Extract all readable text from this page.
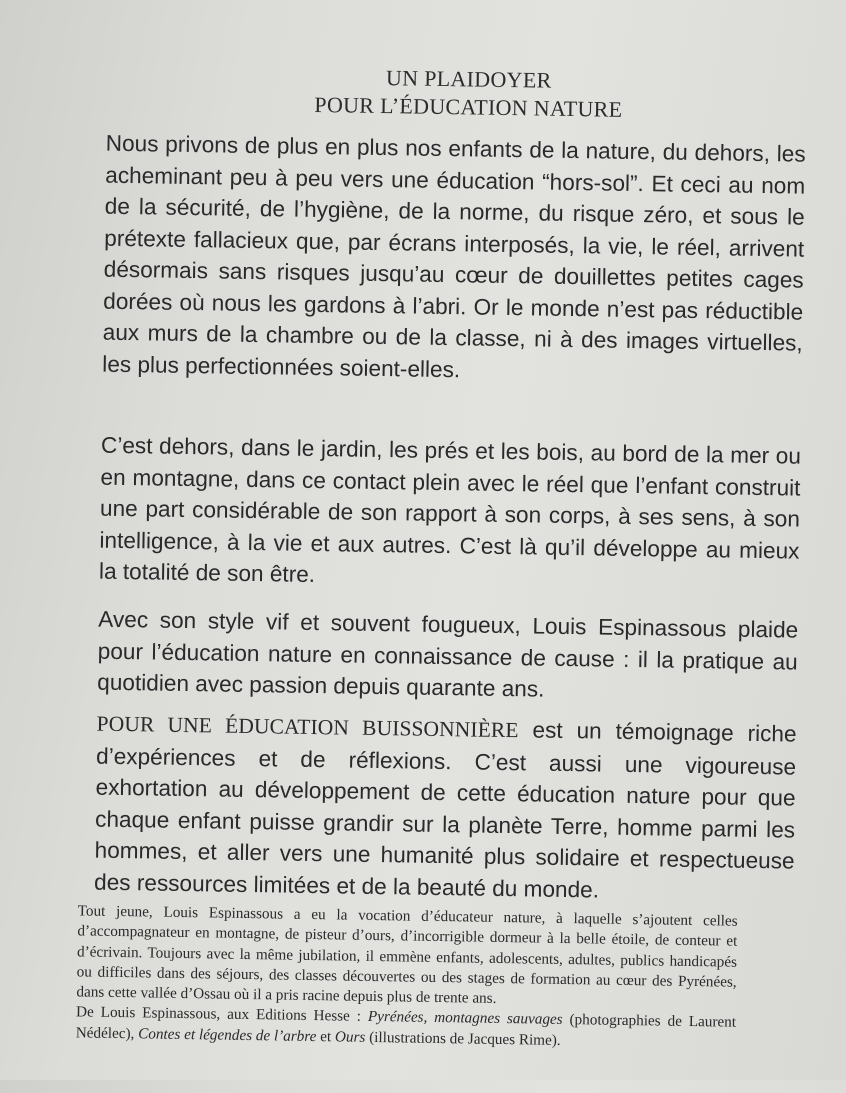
UN PLAIDOYER
POUR L’ÉDUCATION NATURE

Nous privons de plus en plus nos enfants de la nature, du dehors, les acheminant peu à peu vers une éducation “hors-sol”. Et ceci au nom de la sécurité, de l’hygiène, de la norme, du risque zéro, et sous le prétexte fallacieux que, par écrans interposés, la vie, le réel, arrivent désormais sans risques jusqu’au cœur de douillettes petites cages dorées où nous les gardons à l’abri. Or le monde n’est pas réductible aux murs de la chambre ou de la classe, ni à des images virtuelles, les plus perfectionnées soient-elles.

C’est dehors, dans le jardin, les prés et les bois, au bord de la mer ou en montagne, dans ce contact plein avec le réel que l’enfant construit une part considérable de son rapport à son corps, à ses sens, à son intelligence, à la vie et aux autres. C’est là qu’il développe au mieux la totalité de son être.

Avec son style vif et souvent fougueux, Louis Espinassous plaide pour l’éducation nature en connaissance de cause : il la pratique au quotidien avec passion depuis quarante ans.

POUR UNE ÉDUCATION BUISSONNIÈRE est un témoignage riche d’expériences et de réflexions. C’est aussi une vigoureuse exhortation au développement de cette éducation nature pour que chaque enfant puisse grandir sur la planète Terre, homme parmi les hommes, et aller vers une humanité plus solidaire et respectueuse des ressources limitées et de la beauté du monde.

Tout jeune, Louis Espinassous a eu la vocation d’éducateur nature, à laquelle s’ajoutent celles d’accompagnateur en montagne, de pisteur d’ours, d’incorrigible dormeur à la belle étoile, de conteur et d’écrivain. Toujours avec la même jubilation, il emmène enfants, adolescents, adultes, publics handicapés ou difficiles dans des séjours, des classes découvertes ou des stages de formation au cœur des Pyrénées, dans cette vallée d’Ossau où il a pris racine depuis plus de trente ans.

De Louis Espinassous, aux Editions Hesse : Pyrénées, montagnes sauvages (photographies de Laurent Nédélec), Contes et légendes de l’arbre et Ours (illustrations de Jacques Rime).
